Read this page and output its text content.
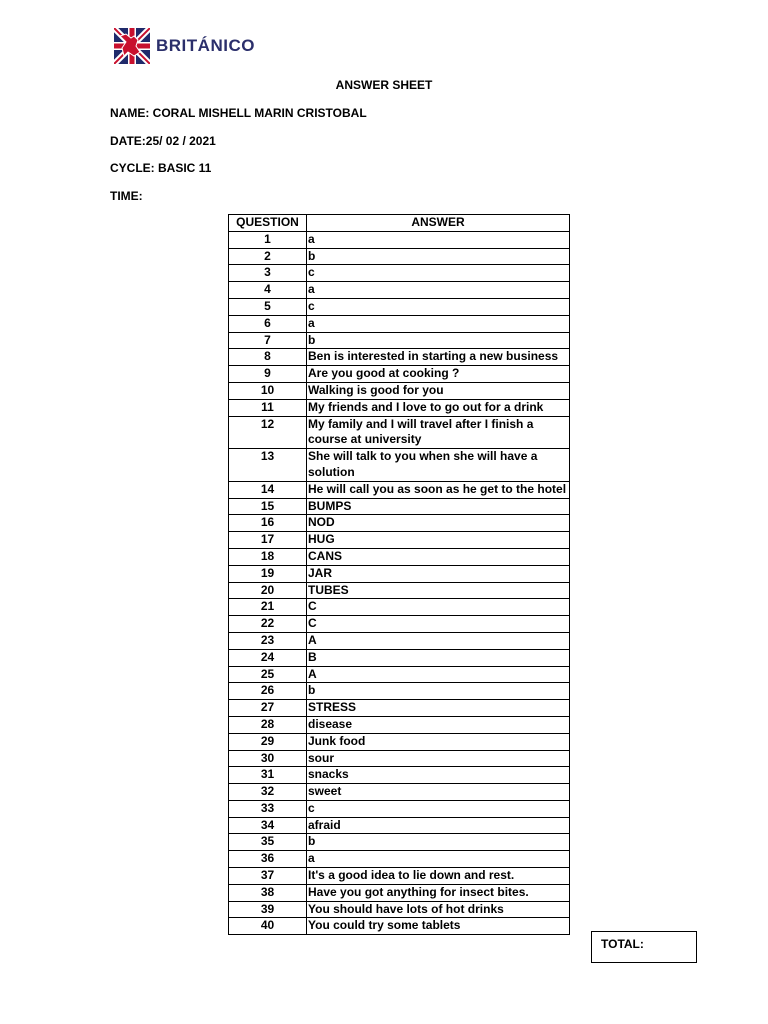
BRITÁNICO
ANSWER SHEET
NAME: CORAL MISHELL MARIN CRISTOBAL
DATE:25/ 02 / 2021
CYCLE: BASIC 11
TIME:
QUESTION	ANSWER
1	a
2	b
3	c
4	a
5	c
6	a
7	b
8	Ben is interested in starting a new business
9	Are you good at cooking ?
10	Walking is good for you
11	My friends and I love to go out for a drink
12	My family and I will travel after I finish a course at university
13	She will talk to you when she will have a solution
14	He will call you as soon as he get to the hotel
15	BUMPS
16	NOD
17	HUG
18	CANS
19	JAR
20	TUBES
21	C
22	C
23	A
24	B
25	A
26	b
27	STRESS
28	disease
29	Junk food
30	sour
31	snacks
32	sweet
33	c
34	afraid
35	b
36	a
37	It's a good idea to lie down and rest.
38	Have you got anything for insect bites.
39	You should have lots of hot drinks
40	You could try some tablets
TOTAL:
